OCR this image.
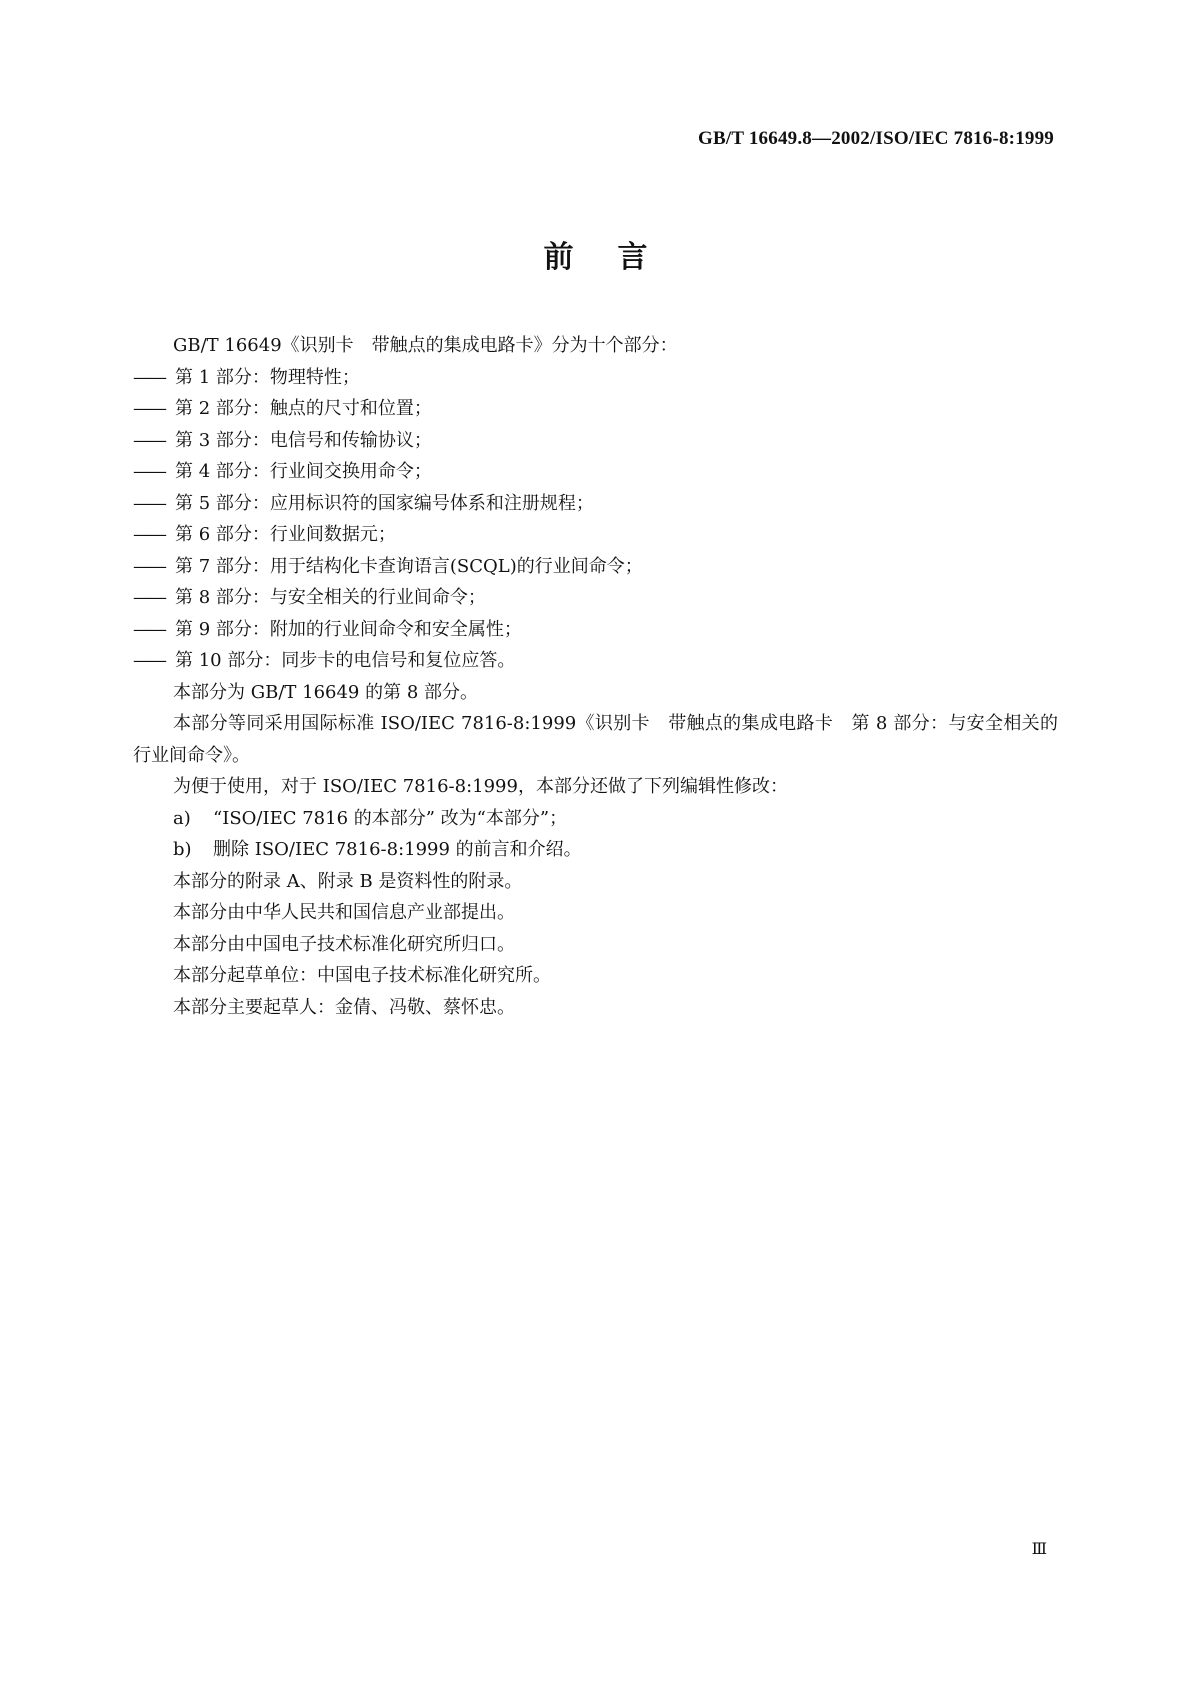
GB/T 16649.8—2002/ISO/IEC 7816-8:1999
前言

GB/T 16649《识别卡　带触点的集成电路卡》分为十个部分：

—— 第 1 部分：物理特性；
—— 第 2 部分：触点的尺寸和位置；
—— 第 3 部分：电信号和传输协议；
—— 第 4 部分：行业间交换用命令；
—— 第 5 部分：应用标识符的国家编号体系和注册规程；
—— 第 6 部分：行业间数据元；
—— 第 7 部分：用于结构化卡查询语言(SCQL)的行业间命令；
—— 第 8 部分：与安全相关的行业间命令；
—— 第 9 部分：附加的行业间命令和安全属性；
—— 第 10 部分：同步卡的电信号和复位应答。

本部分为 GB/T 16649 的第 8 部分。

本部分等同采用国际标准 ISO/IEC 7816-8:1999《识别卡　带触点的集成电路卡　第 8 部分：与安全相关的行业间命令》。

为便于使用，对于 ISO/IEC 7816-8:1999，本部分还做了下列编辑性修改：

a)	“ISO/IEC 7816 的本部分” 改为“本部分”；
b)	删除 ISO/IEC 7816-8:1999 的前言和介绍。

本部分的附录 A、附录 B 是资料性的附录。

本部分由中华人民共和国信息产业部提出。

本部分由中国电子技术标准化研究所归口。

本部分起草单位：中国电子技术标准化研究所。

本部分主要起草人：金倩、冯敬、蔡怀忠。

Ⅲ
